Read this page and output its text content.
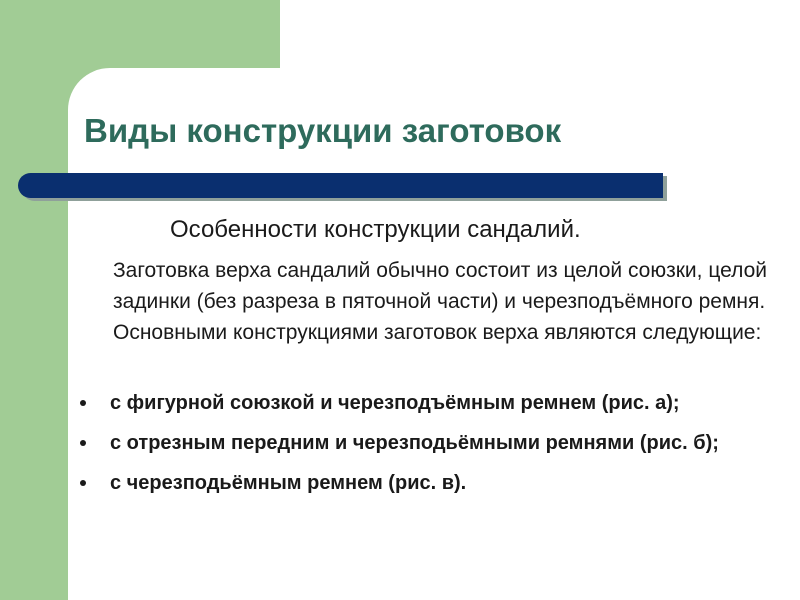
Виды конструкции заготовок
Особенности конструкции сандалий.
Заготовка верха сандалий обычно состоит из целой союзки, целой задинки (без разреза в пяточной части) и черезподъёмного ремня. Основными конструкциями заготовок верха являются следующие:
с фигурной союзкой и черезподъёмным ремнем (рис. а);
с отрезным передним и черезподьёмными ремнями (рис. б);
с черезподьёмным ремнем (рис. в).
